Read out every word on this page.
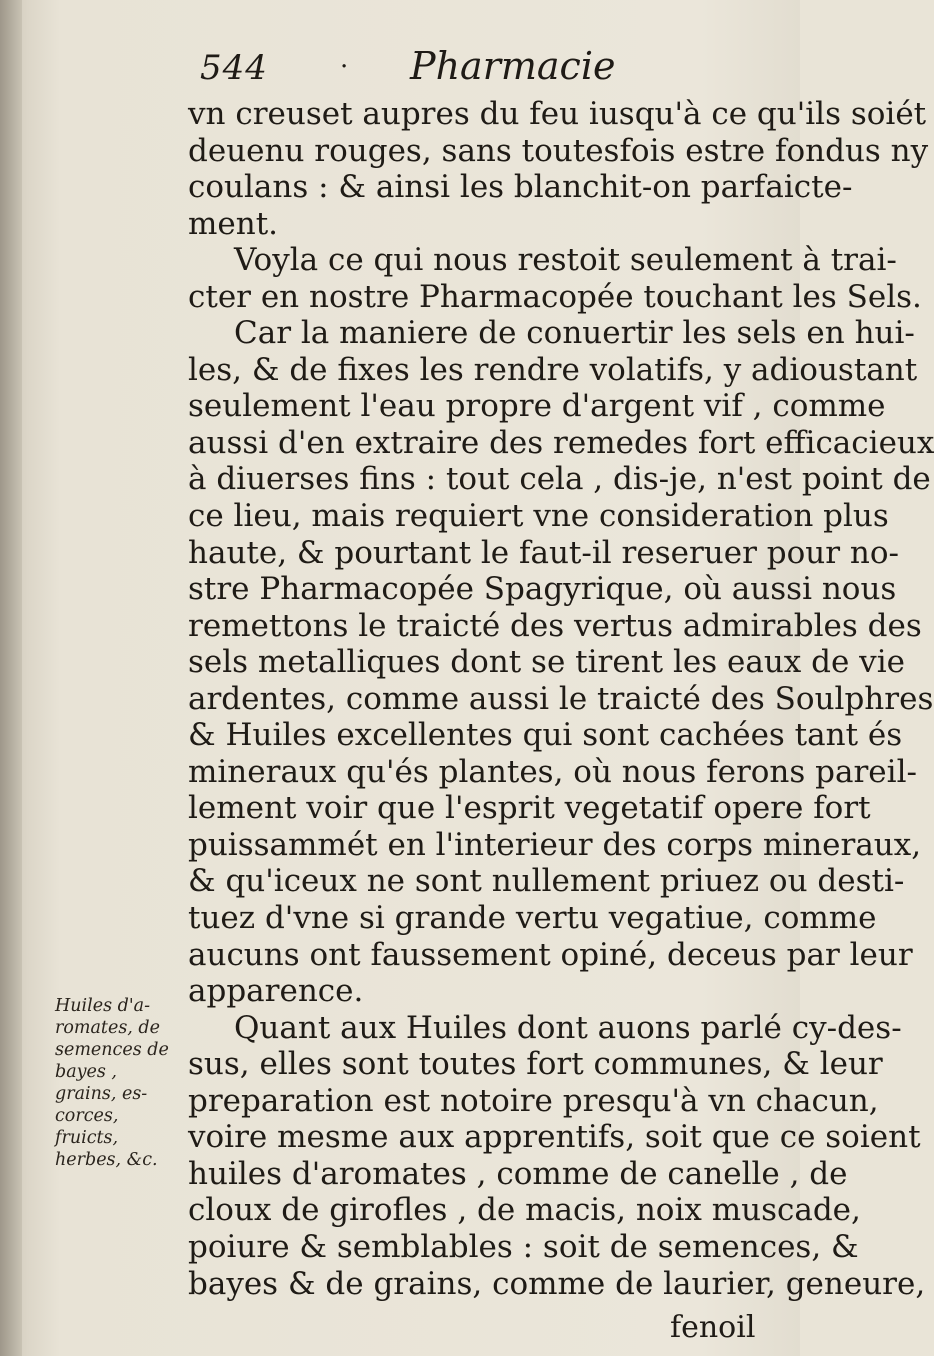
544	· Pharmacie
vn creuset aupres du feu iusqu'à ce qu'ils soiét
deuenu rouges, sans toutesfois estre fondus ny
coulans : & ainsi les blanchit-on parfaicte-
ment.
Voyla ce qui nous restoit seulement à trai-
cter en nostre Pharmacopée touchant les Sels.
Car la maniere de conuertir les sels en hui-
les, & de fixes les rendre volatifs, y adioustant
seulement l'eau propre d'argent vif , comme
aussi d'en extraire des remedes fort efficacieux
à diuerses fins : tout cela , dis-je, n'est point de
ce lieu, mais requiert vne consideration plus
haute, & pourtant le faut-il reseruer pour no-
stre Pharmacopée Spagyrique, où aussi nous
remettons le traicté des vertus admirables des
sels metalliques dont se tirent les eaux de vie
ardentes, comme aussi le traicté des Soulphres
& Huiles excellentes qui sont cachées tant és
mineraux qu'és plantes, où nous ferons pareil-
lement voir que l'esprit vegetatif opere fort
puissammét en l'interieur des corps mineraux,
& qu'iceux ne sont nullement priuez ou desti-
tuez d'vne si grande vertu vegatiue, comme
aucuns ont faussement opiné, deceus par leur
apparence.
Quant aux Huiles dont auons parlé cy-des-
sus, elles sont toutes fort communes, & leur
preparation est notoire presqu'à vn chacun,
voire mesme aux apprentifs, soit que ce soient
huiles d'aromates , comme de canelle , de
cloux de girofles , de macis, noix muscade,
poiure & semblables : soit de semences, &
bayes & de grains, comme de laurier, geneure,
Huiles d'a-
romates, de
semences de
bayes ,
grains, es-
corces,
fruicts,
herbes, &c.
fenoil
